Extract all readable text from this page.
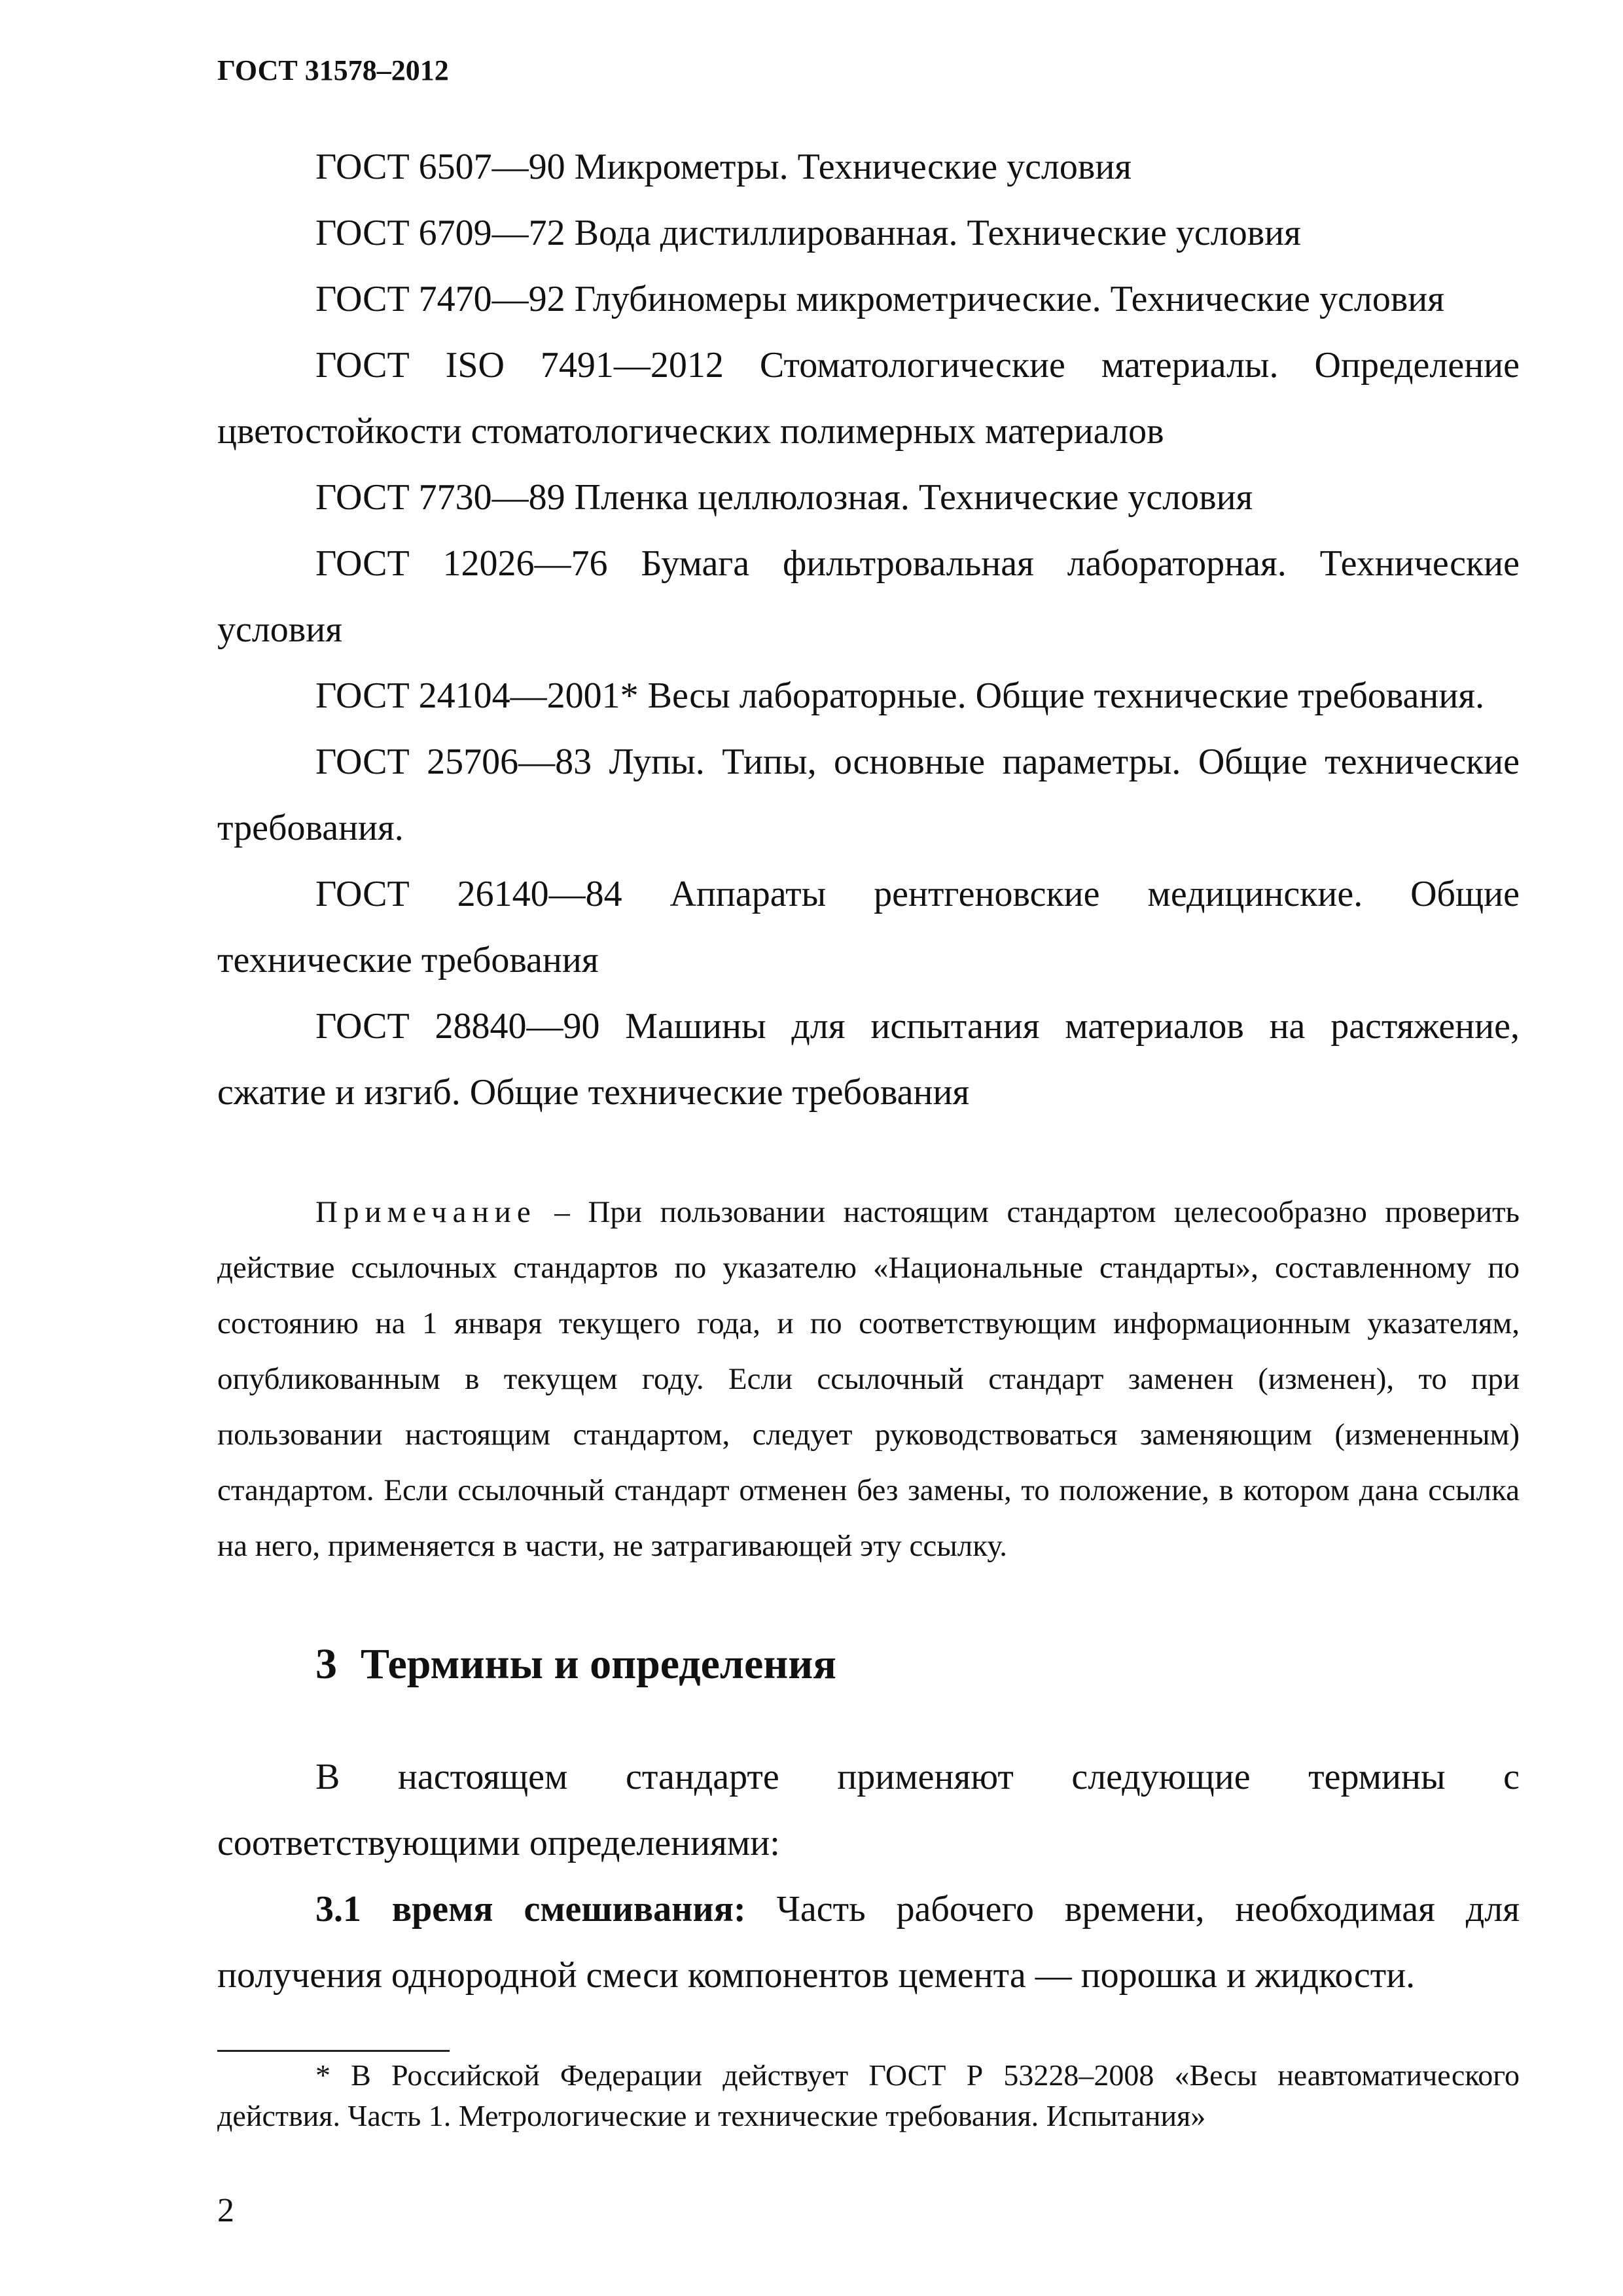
ГОСТ 31578–2012

ГОСТ 6507—90 Микрометры. Технические условия

ГОСТ 6709—72 Вода дистиллированная. Технические условия

ГОСТ 7470—92 Глубиномеры микрометрические. Технические условия

ГОСТ ISO 7491—2012 Стоматологические материалы. Определение цветостойкости стоматологических полимерных материалов

ГОСТ 7730—89 Пленка целлюлозная. Технические условия

ГОСТ 12026—76 Бумага фильтровальная лабораторная. Технические условия

ГОСТ 24104—2001* Весы лабораторные. Общие технические требования.

ГОСТ 25706—83 Лупы. Типы, основные параметры. Общие технические требования.

ГОСТ 26140—84 Аппараты рентгеновские медицинские. Общие технические требования

ГОСТ 28840—90 Машины для испытания материалов на растяжение, сжатие и изгиб. Общие технические требования

Примечание – При пользовании настоящим стандартом целесообразно проверить действие ссылочных стандартов по указателю «Национальные стандарты», составленному по состоянию на 1 января текущего года, и по соответствующим информационным указателям, опубликованным в текущем году. Если ссылочный стандарт заменен (изменен), то при пользовании настоящим стандартом, следует руководствоваться заменяющим (измененным) стандартом. Если ссылочный стандарт отменен без замены, то положение, в котором дана ссылка на него, применяется в части, не затрагивающей эту ссылку.

3 Термины и определения

В настоящем стандарте применяют следующие термины с соответствующими определениями:

3.1 время смешивания: Часть рабочего времени, необходимая для получения однородной смеси компонентов цемента — порошка и жидкости.

* В Российской Федерации действует ГОСТ Р 53228–2008 «Весы неавтоматического действия. Часть 1. Метрологические и технические требования. Испытания»

2
